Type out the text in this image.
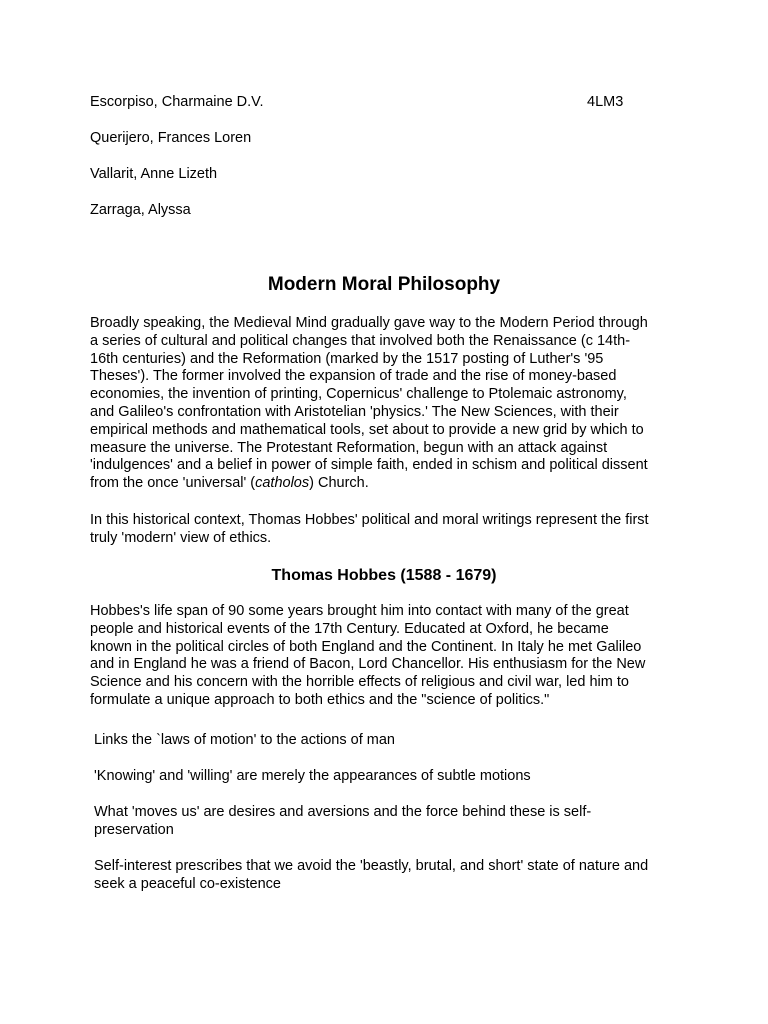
Escorpiso, Charmaine D.V.	4LM3
Querijero, Frances Loren
Vallarit, Anne Lizeth
Zarraga, Alyssa
Modern Moral Philosophy
Broadly speaking, the Medieval Mind gradually gave way to the Modern Period through
a series of cultural and political changes that involved both the Renaissance (c 14th-
16th centuries) and the Reformation (marked by the 1517 posting of Luther's '95
Theses'). The former involved the expansion of trade and the rise of money-based
economies, the invention of printing, Copernicus' challenge to Ptolemaic astronomy,
and Galileo's confrontation with Aristotelian 'physics.' The New Sciences, with their
empirical methods and mathematical tools, set about to provide a new grid by which to
measure the universe. The Protestant Reformation, begun with an attack against
'indulgences' and a belief in power of simple faith, ended in schism and political dissent
from the once 'universal' (catholos) Church.
In this historical context, Thomas Hobbes' political and moral writings represent the first
truly 'modern' view of ethics.
Thomas Hobbes (1588 - 1679)
Hobbes's life span of 90 some years brought him into contact with many of the great
people and historical events of the 17th Century. Educated at Oxford, he became
known in the political circles of both England and the Continent. In Italy he met Galileo
and in England he was a friend of Bacon, Lord Chancellor. His enthusiasm for the New
Science and his concern with the horrible effects of religious and civil war, led him to
formulate a unique approach to both ethics and the "science of politics."
Links the `laws of motion' to the actions of man
'Knowing' and 'willing' are merely the appearances of subtle motions
What 'moves us' are desires and aversions and the force behind these is self-
preservation
Self-interest prescribes that we avoid the 'beastly, brutal, and short' state of nature and
seek a peaceful co-existence
